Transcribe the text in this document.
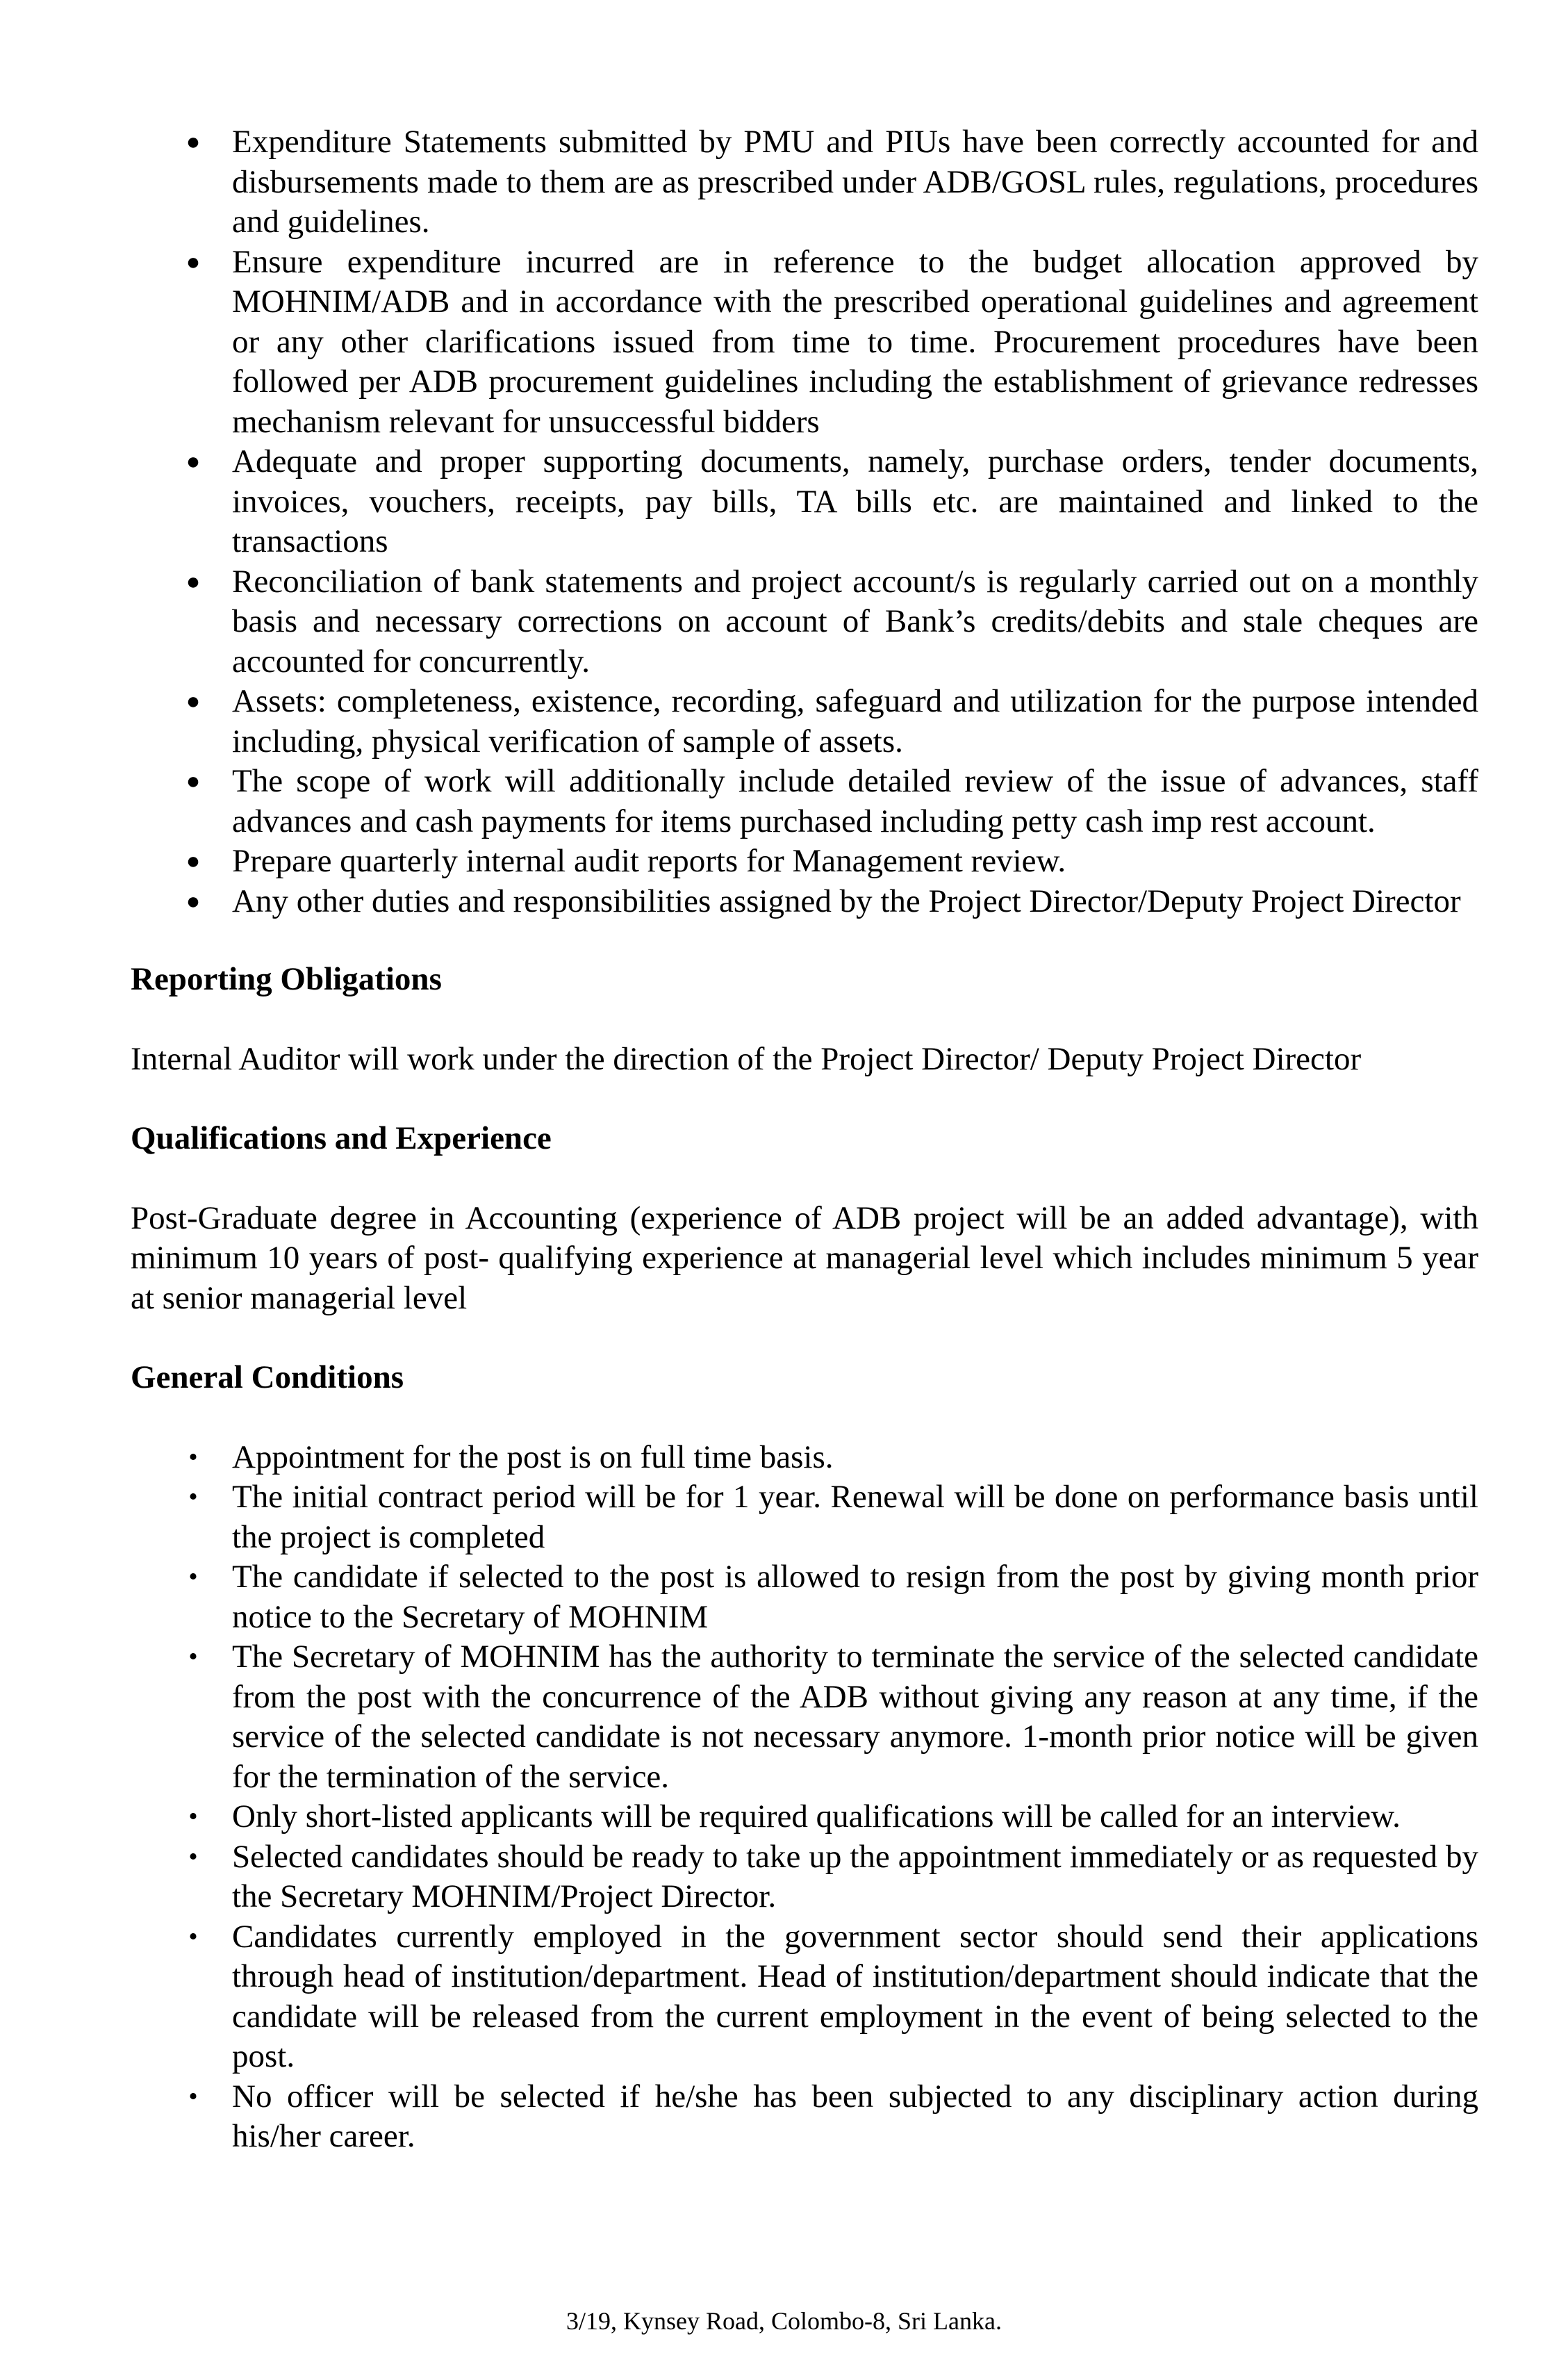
● Expenditure Statements submitted by PMU and PIUs have been correctly accounted for and disbursements made to them are as prescribed under ADB/GOSL rules, regulations, procedures and guidelines.
● Ensure expenditure incurred are in reference to the budget allocation approved by MOHNIM/ADB and in accordance with the prescribed operational guidelines and agreement or any other clarifications issued from time to time. Procurement procedures have been followed per ADB procurement guidelines including the establishment of grievance redresses mechanism relevant for unsuccessful bidders
● Adequate and proper supporting documents, namely, purchase orders, tender documents, invoices, vouchers, receipts, pay bills, TA bills etc. are maintained and linked to the transactions
● Reconciliation of bank statements and project account/s is regularly carried out on a monthly basis and necessary corrections on account of Bank’s credits/debits and stale cheques are accounted for concurrently.
● Assets: completeness, existence, recording, safeguard and utilization for the purpose intended including, physical verification of sample of assets.
● The scope of work will additionally include detailed review of the issue of advances, staff advances and cash payments for items purchased including petty cash imp rest account.
● Prepare quarterly internal audit reports for Management review.
● Any other duties and responsibilities assigned by the Project Director/Deputy Project Director
Reporting Obligations

Internal Auditor will work under the direction of the Project Director/ Deputy Project Director

Qualifications and Experience

Post-Graduate degree in Accounting (experience of ADB project will be an added advantage), with minimum 10 years of post- qualifying experience at managerial level which includes minimum 5 year at senior managerial level

General Conditions
• Appointment for the post is on full time basis.
• The initial contract period will be for 1 year. Renewal will be done on performance basis until the project is completed
• The candidate if selected to the post is allowed to resign from the post by giving month prior notice to the Secretary of MOHNIM
• The Secretary of MOHNIM has the authority to terminate the service of the selected candidate from the post with the concurrence of the ADB without giving any reason at any time, if the service of the selected candidate is not necessary anymore. 1-month prior notice will be given for the termination of the service.
• Only short-listed applicants will be required qualifications will be called for an interview.
• Selected candidates should be ready to take up the appointment immediately or as requested by the Secretary MOHNIM/Project Director.
• Candidates currently employed in the government sector should send their applications through head of institution/department. Head of institution/department should indicate that the candidate will be released from the current employment in the event of being selected to the post.
• No officer will be selected if he/she has been subjected to any disciplinary action during his/her career.
3/19, Kynsey Road, Colombo-8, Sri Lanka.
